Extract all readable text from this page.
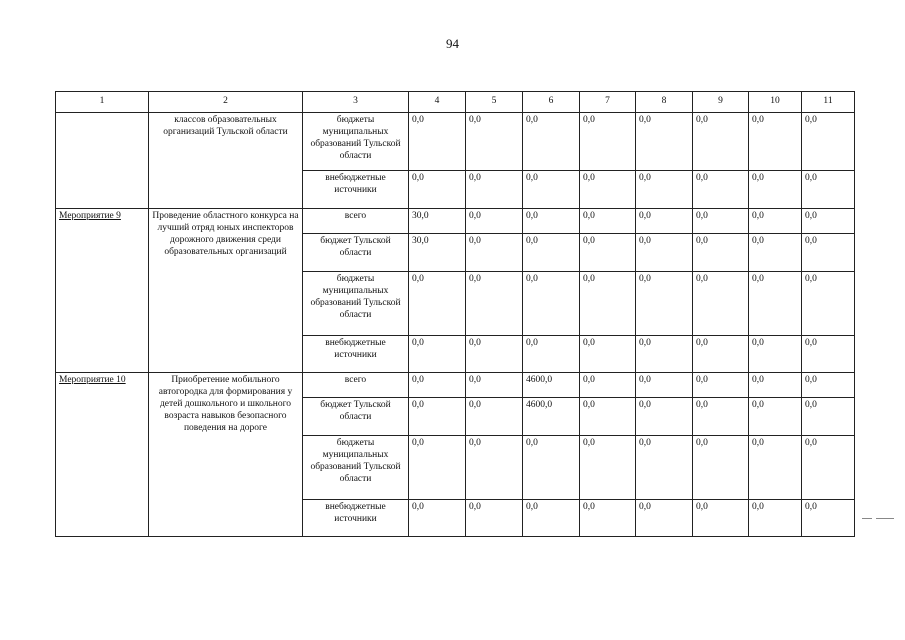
94
1	2	3	4	5	6	7	8	9	10	11
	классов образовательных организаций Тульской области	бюджеты муниципальных образований Тульской области	0,0	0,0	0,0	0,0	0,0	0,0	0,0	0,0
		внебюджетные источники	0,0	0,0	0,0	0,0	0,0	0,0	0,0	0,0
Мероприятие 9	Проведение областного конкурса на лучший отряд юных инспекторов дорожного движения среди образовательных организаций	всего	30,0	0,0	0,0	0,0	0,0	0,0	0,0	0,0
		бюджет Тульской области	30,0	0,0	0,0	0,0	0,0	0,0	0,0	0,0
		бюджеты муниципальных образований Тульской области	0,0	0,0	0,0	0,0	0,0	0,0	0,0	0,0
		внебюджетные источники	0,0	0,0	0,0	0,0	0,0	0,0	0,0	0,0
Мероприятие 10	Приобретение мобильного автогородка для формирования у детей дошкольного и школьного возраста навыков безопасного поведения на дороге	всего	0,0	0,0	4600,0	0,0	0,0	0,0	0,0	0,0
		бюджет Тульской области	0,0	0,0	4600,0	0,0	0,0	0,0	0,0	0,0
		бюджеты муниципальных образований Тульской области	0,0	0,0	0,0	0,0	0,0	0,0	0,0	0,0
		внебюджетные источники	0,0	0,0	0,0	0,0	0,0	0,0	0,0	0,0
